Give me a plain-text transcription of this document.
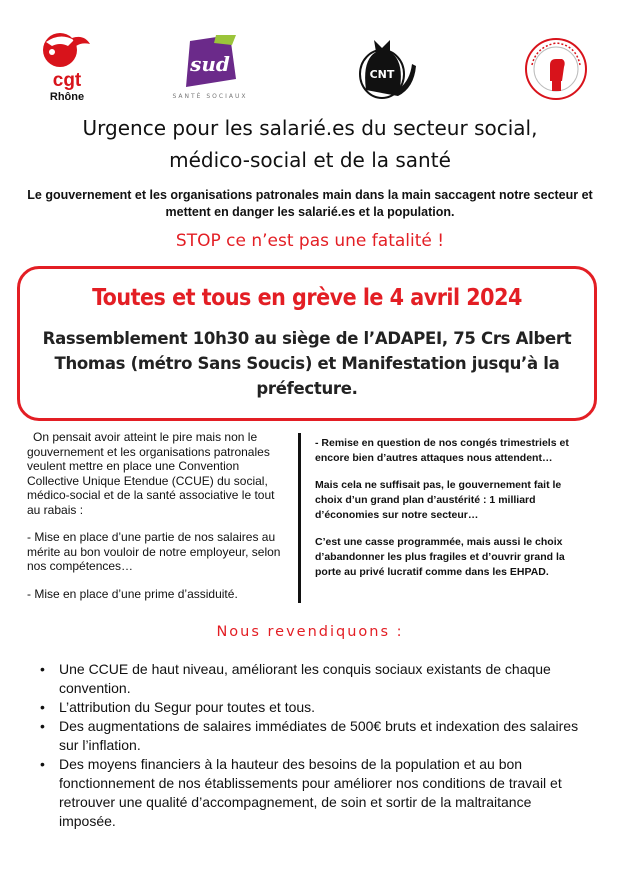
cgt
Rhône
sud
SANTÉ SOCIAUX
CNT
Urgence pour les salarié.es du secteur social,
médico-social et de la santé
Le gouvernement et les organisations patronales main dans la main saccagent notre secteur et mettent en danger les salarié.es et la population.
STOP ce n’est pas une fatalité !
Toutes et tous en grève le 4 avril 2024
Rassemblement 10h30 au siège de l’ADAPEI, 75 Crs Albert Thomas (métro Sans Soucis) et Manifestation jusqu’à la préfecture.

On pensait avoir atteint le pire mais non le gouvernement et les organisations patronales veulent mettre en place une Convention Collective Unique Etendue (CCUE) du social, médico-social et de la santé associative le tout au rabais :

- Mise en place d’une partie de nos salaires au mérite au bon vouloir de notre employeur, selon nos compétences…

- Mise en place d’une prime d’assiduité.

- Remise en question de nos congés trimestriels et encore bien d’autres attaques nous attendent…

Mais cela ne suffisait pas, le gouvernement fait le choix d’un grand plan d’austérité : 1 milliard d’économies sur notre secteur…

C’est une casse programmée, mais aussi le choix d’abandonner les plus fragiles et d’ouvrir grand la porte au privé lucratif comme dans les EHPAD.

Nous revendiquons :
• Une CCUE de haut niveau, améliorant les conquis sociaux existants de chaque convention.
• L’attribution du Segur pour toutes et tous.
• Des augmentations de salaires immédiates de 500€ bruts et indexation des salaires sur l’inflation.
• Des moyens financiers à la hauteur des besoins de la population et au bon fonctionnement de nos établissements pour améliorer nos conditions de travail et retrouver une qualité d’accompagnement, de soin et sortir de la maltraitance imposée.
